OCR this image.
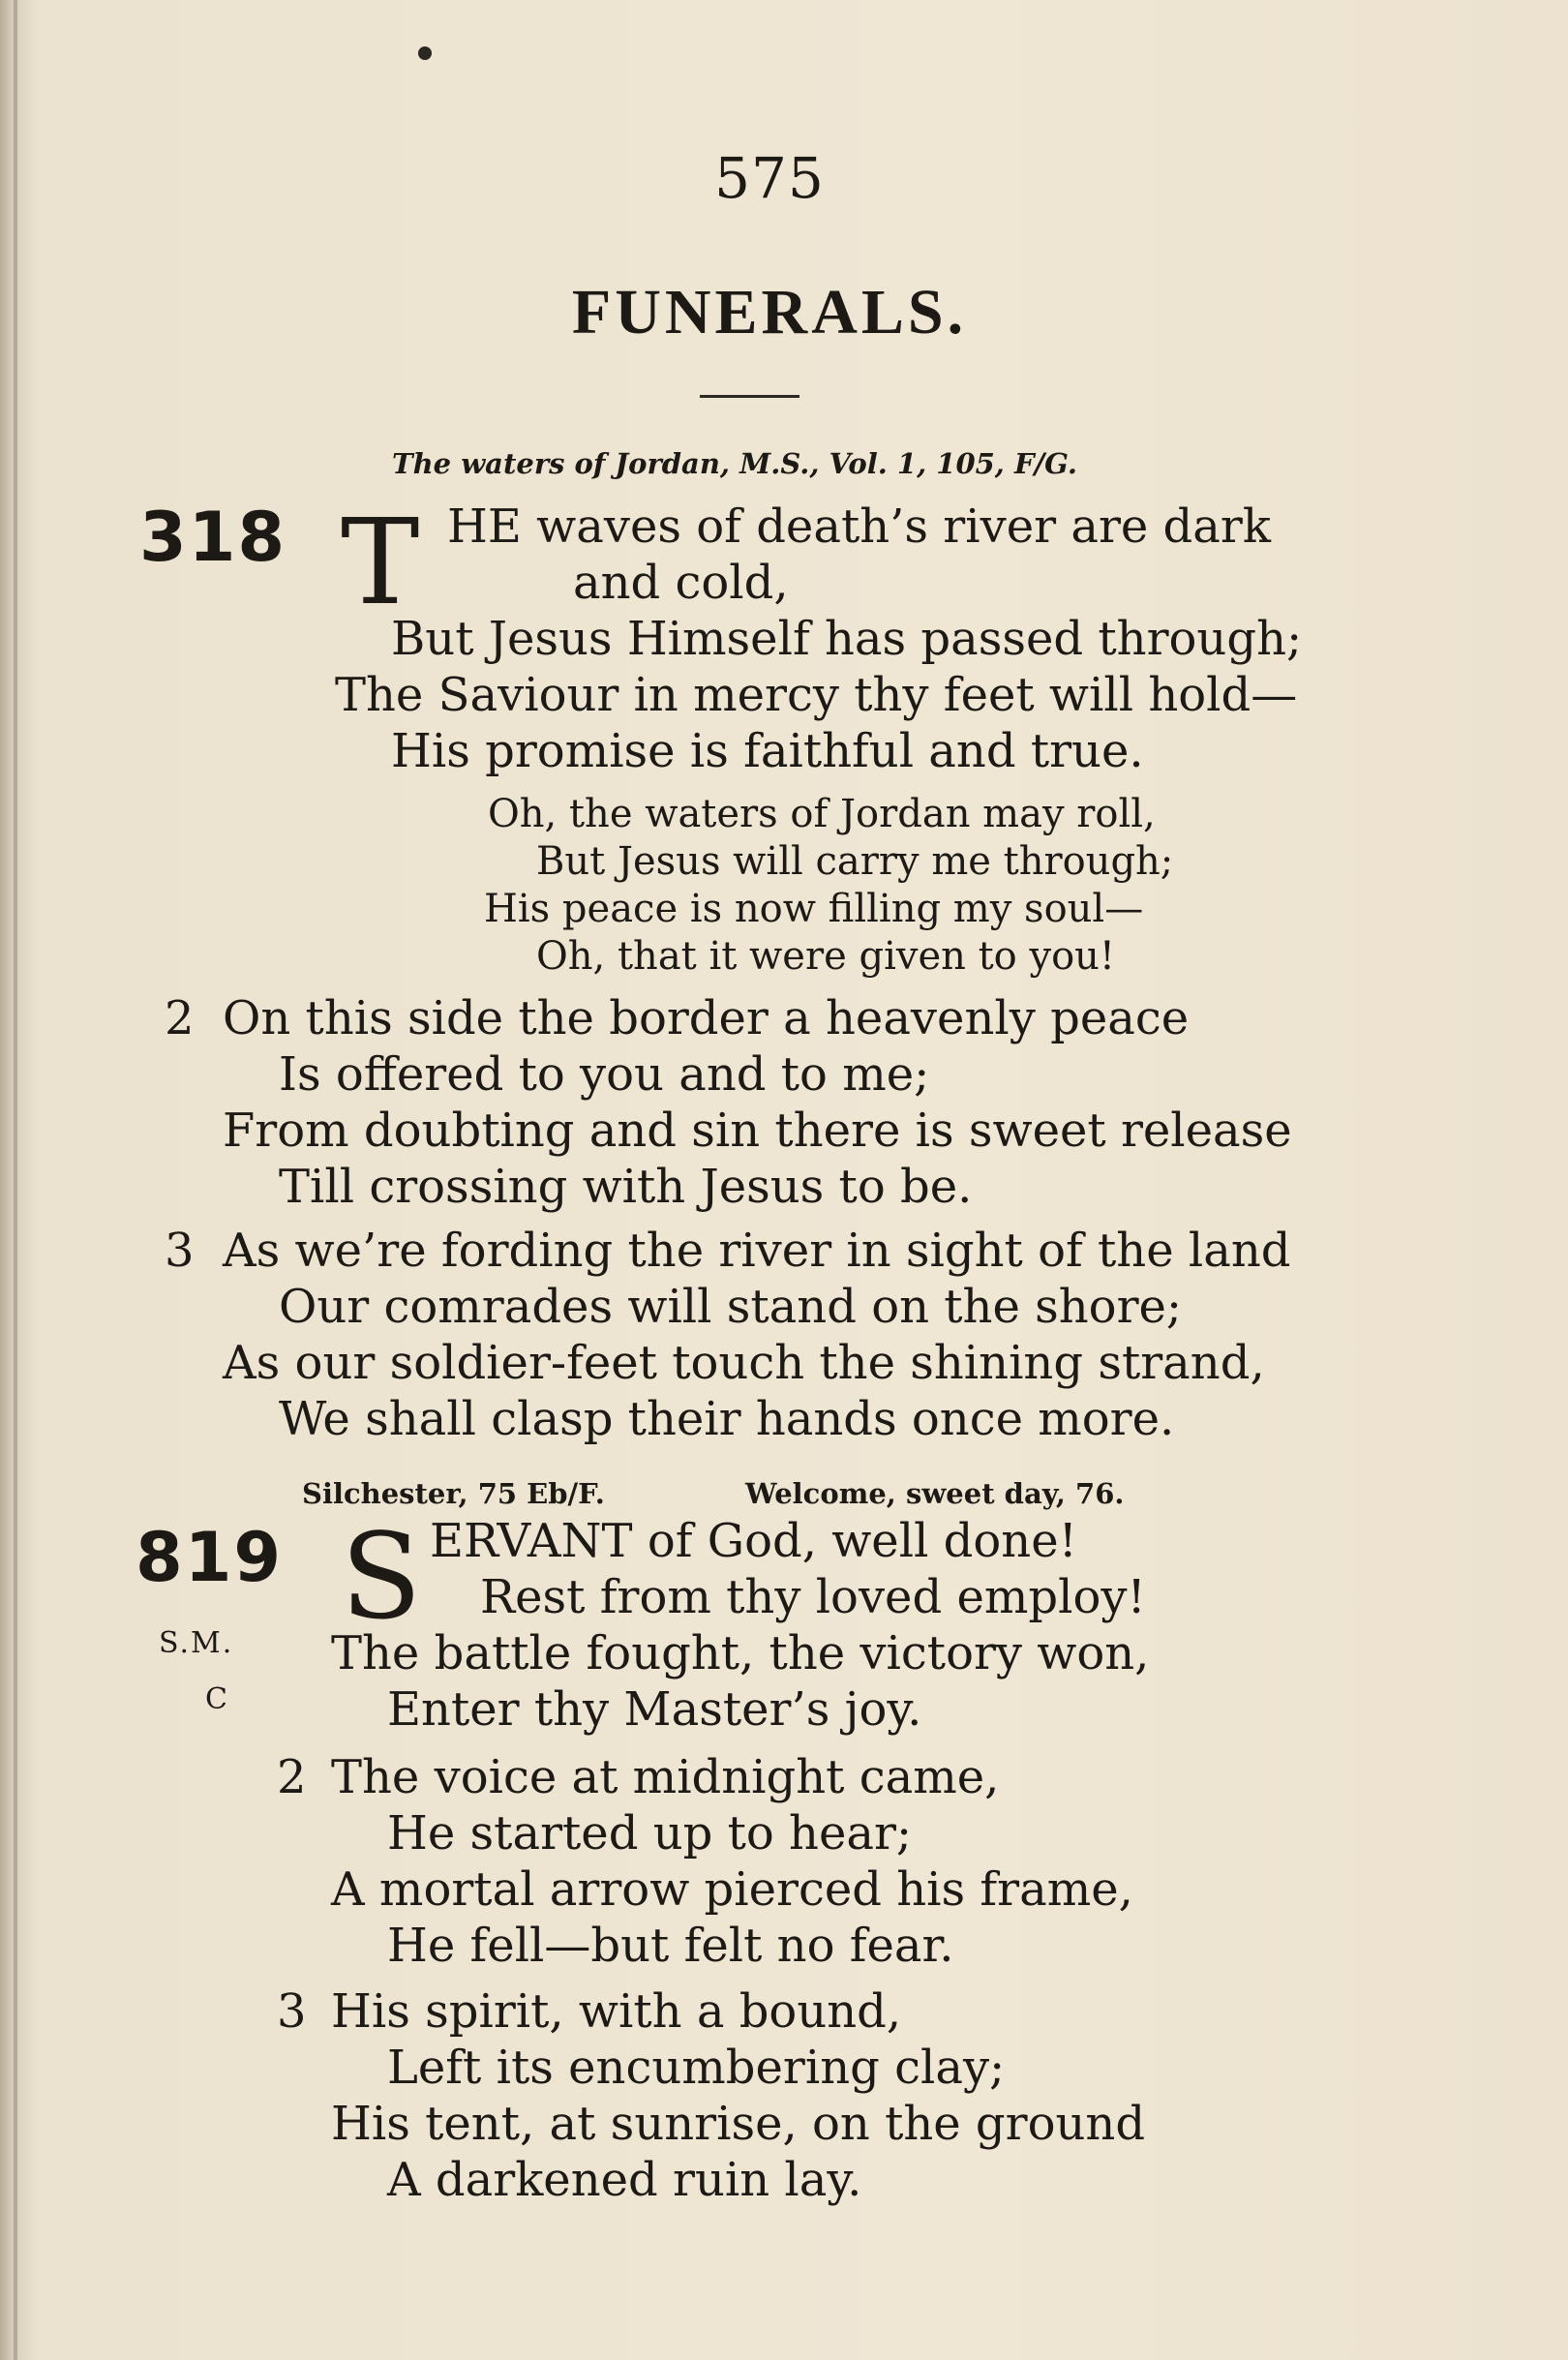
575
FUNERALS.
The waters of Jordan, M.S., Vol. 1, 105, F/G.
318 T HE waves of death’s river are dark
and cold,
But Jesus Himself has passed through;
The Saviour in mercy thy feet will hold—
His promise is faithful and true.
Oh, the waters of Jordan may roll,
But Jesus will carry me through;
His peace is now filling my soul—
Oh, that it were given to you!
2 On this side the border a heavenly peace
Is offered to you and to me;
From doubting and sin there is sweet release
Till crossing with Jesus to be.
3 As we’re fording the river in sight of the land
Our comrades will stand on the shore;
As our soldier-feet touch the shining strand,
We shall clasp their hands once more.
Silchester, 75 Eb/F.	Welcome, sweet day, 76.
819
S.M.
C
S ERVANT of God, well done!
Rest from thy loved employ!
The battle fought, the victory won,
Enter thy Master’s joy.
2 The voice at midnight came,
He started up to hear;
A mortal arrow pierced his frame,
He fell—but felt no fear.
3 His spirit, with a bound,
Left its encumbering clay;
His tent, at sunrise, on the ground
A darkened ruin lay.
